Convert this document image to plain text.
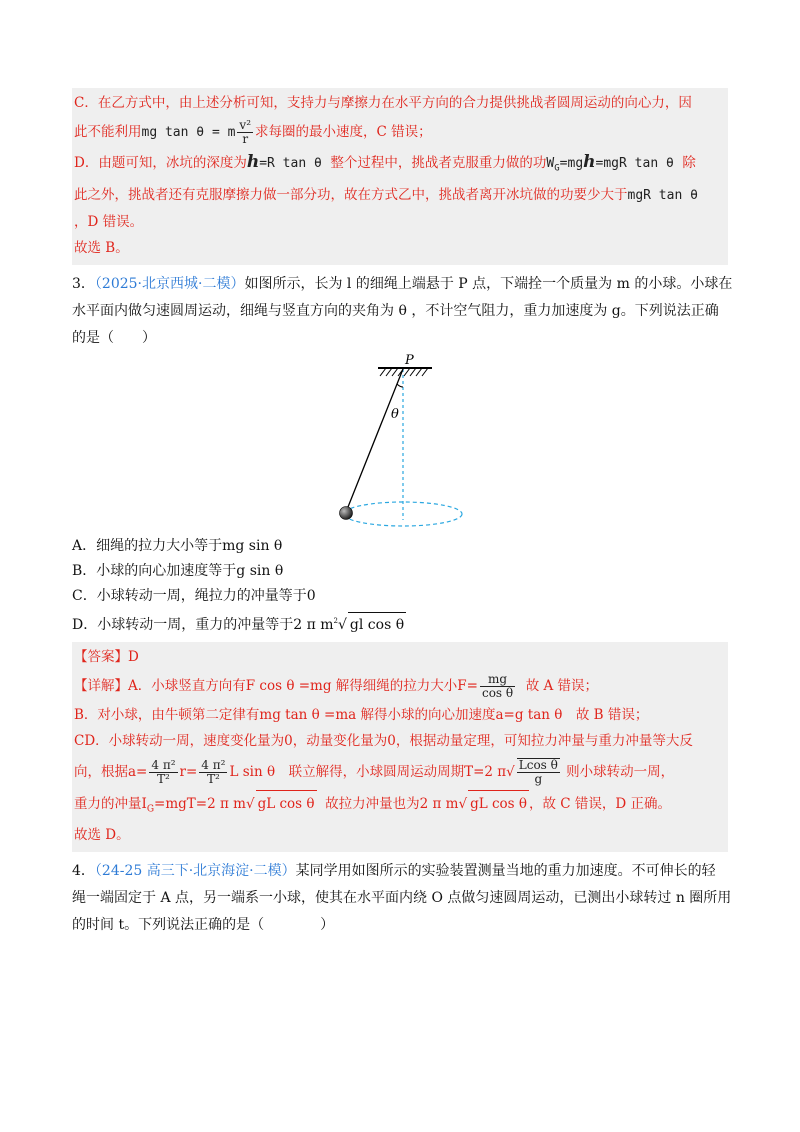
C．在乙方式中，由上述分析可知，支持力与摩擦力在水平方向的合力提供挑战者圆周运动的向心力，因
此不能利用mg tan θ = m $\frac{\text{v²}}{r}$ 求每圈的最小速度，C 错误；
D．由题可知，冰坑的深度为h=R tan θ 整个过程中，挑战者克服重力做的功$W_G=mgh=mgR$ tan θ 除
此之外，挑战者还有克服摩擦力做一部分功，故在方式乙中，挑战者离开冰坑做的功要少大于mgR tan θ
，D 错误。
故选 B。
3．（2025·北京西城·二模）如图所示，长为 l 的细绳上端悬于 P 点，下端拴一个质量为 m 的小球。小球在
水平面内做匀速圆周运动，细绳与竖直方向的夹角为 θ ，不计空气阻力，重力加速度为 g。下列说法正确
的是（　　）
P
θ
A．细绳的拉力大小等于mg sin θ
B．小球的向心加速度等于g sin θ
C．小球转动一周，绳拉力的冲量等于0
D．小球转动一周，重力的冲量等于2 π $m^2√$ gl cos θ
【答案】D
【详解】A．小球竖直方向有F cos θ =mg 解得细绳的拉力大小$F= \frac{mg}{\text{cos θ}}$ 故 A 错误；
B．对小球，由牛顿第二定律有mg tan θ =ma 解得小球的向心加速度a=g tan θ　故 B 错误；
CD．小球转动一周，速度变化量为0，动量变化量为0，根据动量定理，可知拉力冲量与重力冲量等大反
向，根据$a= \frac{\text{4 π²}}{\text{T²}} r= \frac{\text{4 π²}}{\text{T²}}$ L sin θ　联立解得，小球圆周运动周期T=2 $\pi√ \frac{\text{Lcos θ}}{g}$ 则小球转动一周，
重力的冲量$I_G=mgT=2$ π m√ gL cos θ 故拉力冲量也为2 π m√ gL cos θ ，故 C 错误，D 正确。
故选 D。
4．（24-25 高三下·北京海淀·二模）某同学用如图所示的实验装置测量当地的重力加速度。不可伸长的轻
绳一端固定于 A 点，另一端系一小球，使其在水平面内绕 O 点做匀速圆周运动，已测出小球转过 n 圈所用
的时间 t。下列说法正确的是（　　　　）
